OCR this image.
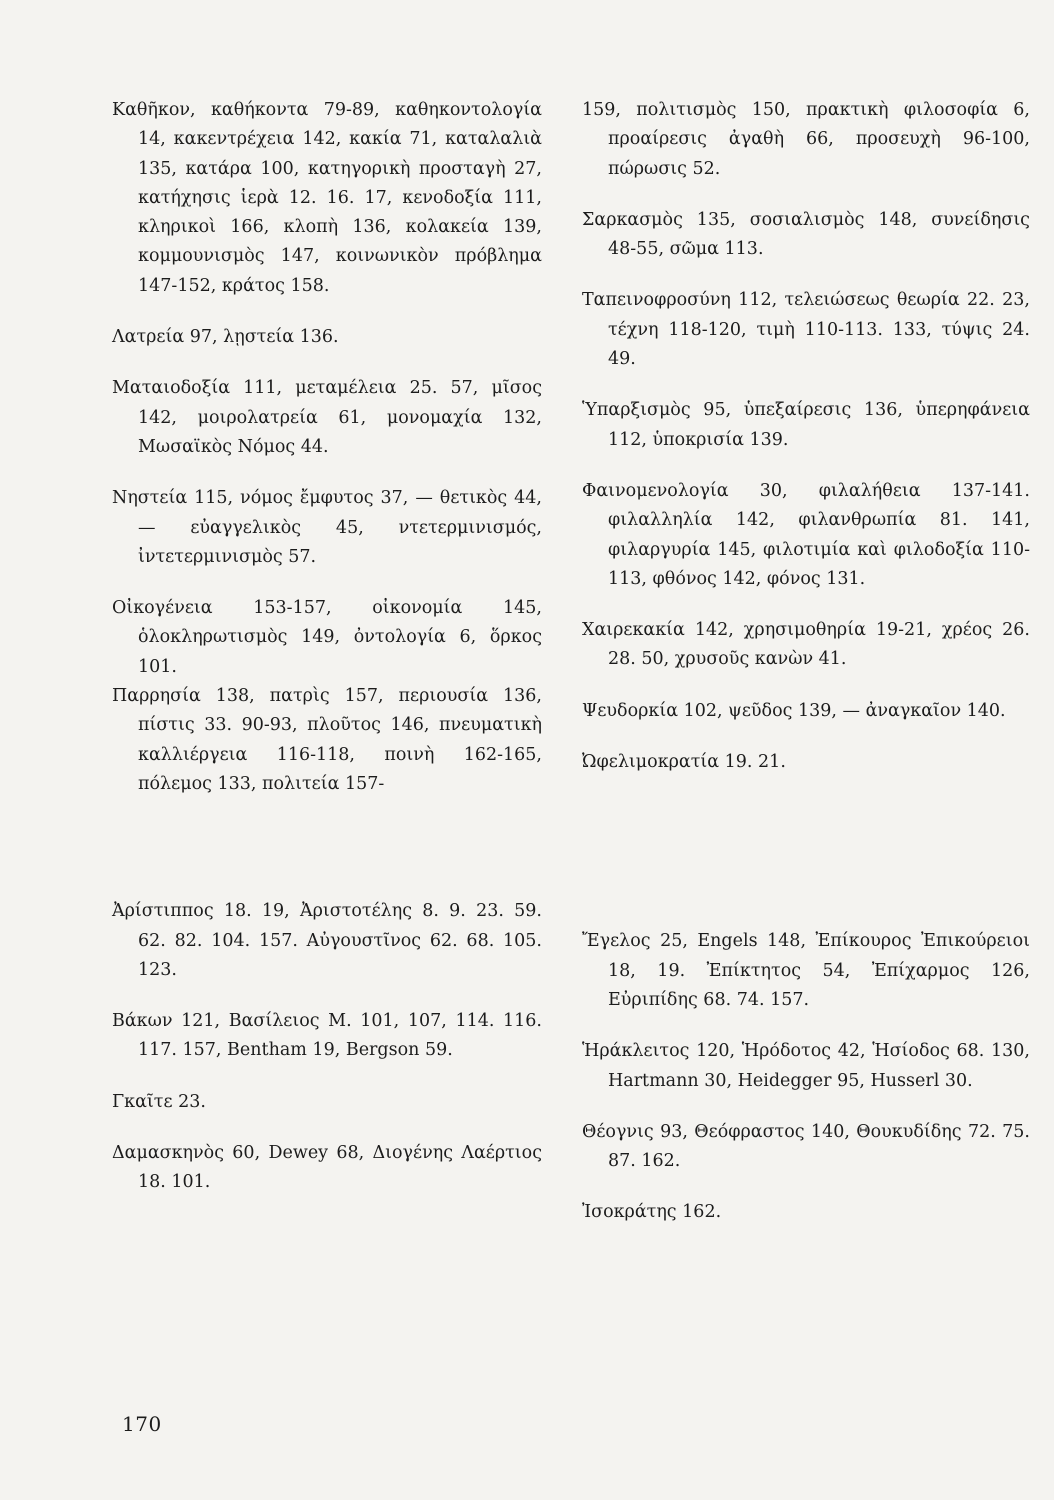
Καθῆκον, καθήκοντα 79-89, καθηκοντολογία 14, κακεντρέχεια 142, κακία 71, καταλαλιὰ 135, κατάρα 100, κατηγορικὴ προσταγὴ 27, κατήχησις ἱερὰ 12. 16. 17, κενοδοξία 111, κληρικοὶ 166, κλοπὴ 136, κολακεία 139, κομμουνισμὸς 147, κοινωνικὸν πρόβλημα 147-152, κράτος 158.

Λατρεία 97, λῃστεία 136.

Ματαιοδοξία 111, μεταμέλεια 25. 57, μῖσος 142, μοιρολατρεία 61, μονομαχία 132, Μωσαϊκὸς Νόμος 44.

Νηστεία 115, νόμος ἔμφυτος 37, — θετικὸς 44, — εὐαγγελικὸς 45, ντετερμινισμός, ἰντετερμινισμὸς 57.

Οἰκογένεια 153-157, οἰκονομία 145, ὁλοκληρωτισμὸς 149, ὀντολογία 6, ὅρκος 101.

Παρρησία 138, πατρὶς 157, περιουσία 136, πίστις 33. 90-93, πλοῦτος 146, πνευματικὴ καλλιέργεια 116-118, ποινὴ 162-165, πόλεμος 133, πολιτεία 157-

Ἀρίστιππος 18. 19, Ἀριστοτέλης 8. 9. 23. 59. 62. 82. 104. 157. Αὐγουστῖνος 62. 68. 105. 123.

Βάκων 121, Βασίλειος Μ. 101, 107, 114. 116. 117. 157, Bentham 19, Bergson 59.

Γκαῖτε 23.

Δαμασκηνὸς 60, Dewey 68, Διογένης Λαέρτιος 18. 101.

159, πολιτισμὸς 150, πρακτικὴ φιλοσοφία 6, προαίρεσις ἀγαθὴ 66, προσευχὴ 96-100, πώρωσις 52.

Σαρκασμὸς 135, σοσιαλισμὸς 148, συνείδησις 48-55, σῶμα 113.

Ταπεινοφροσύνη 112, τελειώσεως θεωρία 22. 23, τέχνη 118-120, τιμὴ 110-113. 133, τύψις 24. 49.

Ὑπαρξισμὸς 95, ὑπεξαίρεσις 136, ὑπερηφάνεια 112, ὑποκρισία 139.

Φαινομενολογία 30, φιλαλήθεια 137-141. φιλαλληλία 142, φιλανθρωπία 81. 141, φιλαργυρία 145, φιλοτιμία καὶ φιλοδοξία 110-113, φθόνος 142, φόνος 131.

Χαιρεκακία 142, χρησιμοθηρία 19-21, χρέος 26. 28. 50, χρυσοῦς κανὼν 41.

Ψευδορκία 102, ψεῦδος 139, — ἀναγκαῖον 140.

Ὠφελιμοκρατία 19. 21.

Ἔγελος 25, Engels 148, Ἐπίκουρος Ἐπικούρειοι 18, 19. Ἐπίκτητος 54, Ἐπίχαρμος 126, Εὐριπίδης 68. 74. 157.

Ἡράκλειτος 120, Ἡρόδοτος 42, Ἡσίοδος 68. 130, Hartmann 30, Heidegger 95, Husserl 30.

Θέογνις 93, Θεόφραστος 140, Θουκυδίδης 72. 75. 87. 162.

Ἰσοκράτης 162.

170
